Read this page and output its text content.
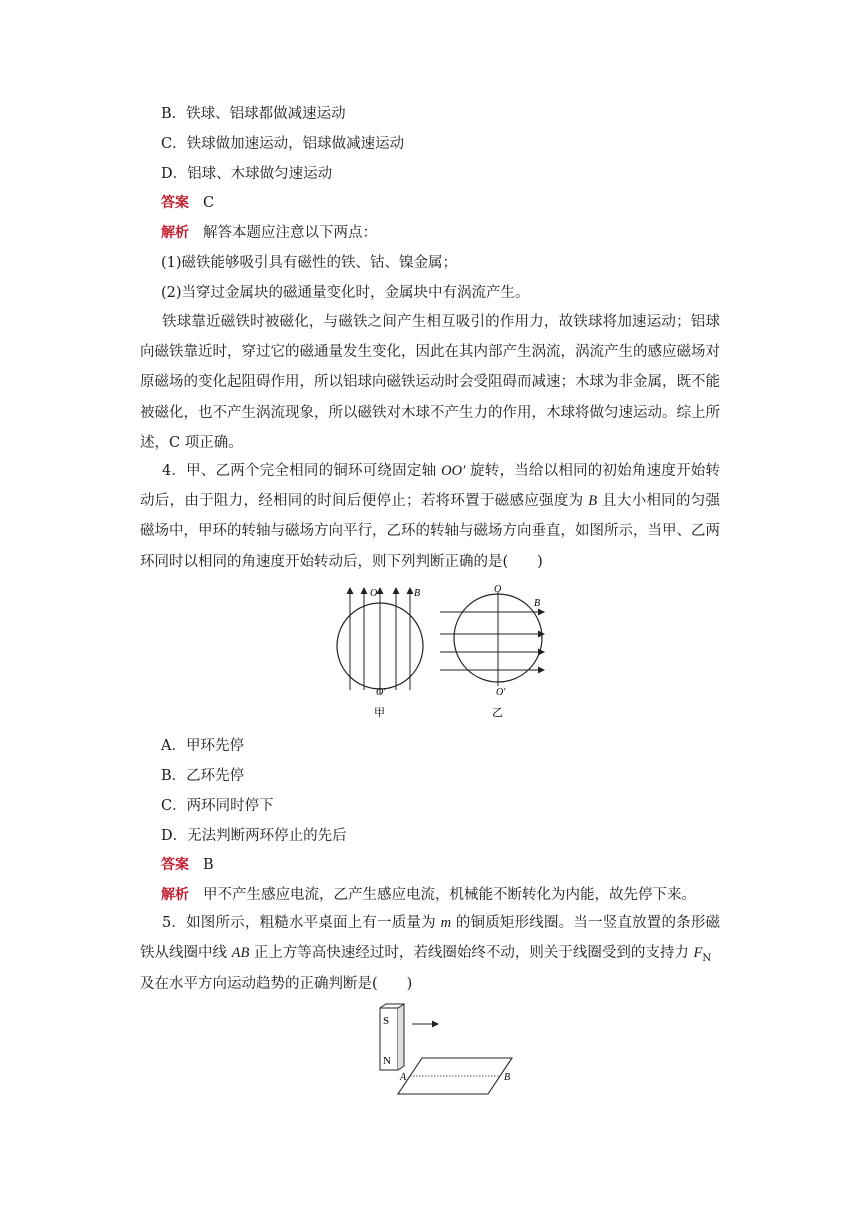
B．铁球、铝球都做减速运动
C．铁球做加速运动，铝球做减速运动
D．铝球、木球做匀速运动
答案 C
解析 解答本题应注意以下两点：
(1)磁铁能够吸引具有磁性的铁、钴、镍金属；
(2)当穿过金属块的磁通量变化时，金属块中有涡流产生。
铁球靠近磁铁时被磁化，与磁铁之间产生相互吸引的作用力，故铁球将加速运动；铝球向磁铁靠近时，穿过它的磁通量发生变化，因此在其内部产生涡流，涡流产生的感应磁场对原磁场的变化起阻碍作用，所以铝球向磁铁运动时会受阻碍而减速；木球为非金属，既不能被磁化，也不产生涡流现象，所以磁铁对木球不产生力的作用，木球将做匀速运动。综上所述，C 项正确。
4．甲、乙两个完全相同的铜环可绕固定轴 OO′ 旋转，当给以相同的初始角速度开始转动后，由于阻力，经相同的时间后便停止；若将环置于磁感应强度为 B 且大小相同的匀强磁场中，甲环的转轴与磁场方向平行，乙环的转轴与磁场方向垂直，如图所示，当甲、乙两环同时以相同的角速度开始转动后，则下列判断正确的是(　　)
O	B
O′
甲
O
B
O′
乙
A．甲环先停
B．乙环先停
C．两环同时停下
D．无法判断两环停止的先后
答案 B
解析 甲不产生感应电流，乙产生感应电流，机械能不断转化为内能，故先停下来。
5．如图所示，粗糙水平桌面上有一质量为 m 的铜质矩形线圈。当一竖直放置的条形磁铁从线圈中线 AB 正上方等高快速经过时，若线圈始终不动，则关于线圈受到的支持力 $F_N$
及在水平方向运动趋势的正确判断是(　　)
S
N
A	B
